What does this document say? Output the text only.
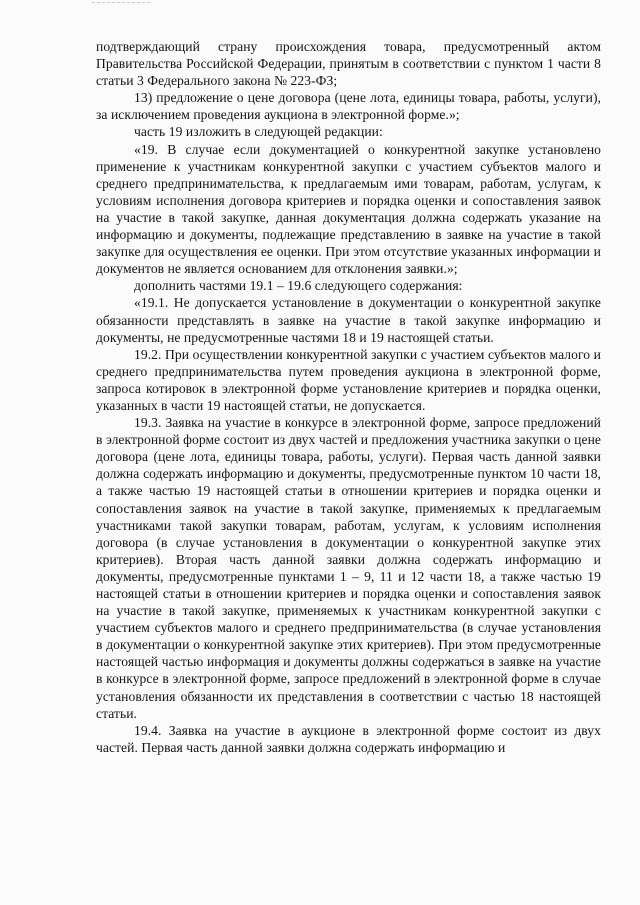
подтверждающий страну происхождения товара, предусмотренный актом Правительства Российской Федерации, принятым в соответствии с пунктом 1 части 8 статьи 3 Федерального закона № 223-ФЗ;

13) предложение о цене договора (цене лота, единицы товара, работы, услуги), за исключением проведения аукциона в электронной форме.»;

часть 19 изложить в следующей редакции:

«19. В случае если документацией о конкурентной закупке установлено применение к участникам конкурентной закупки с участием субъектов малого и среднего предпринимательства, к предлагаемым ими товарам, работам, услугам, к условиям исполнения договора критериев и порядка оценки и сопоставления заявок на участие в такой закупке, данная документация должна содержать указание на информацию и документы, подлежащие представлению в заявке на участие в такой закупке для осуществления ее оценки. При этом отсутствие указанных информации и документов не является основанием для отклонения заявки.»;

дополнить частями 19.1 – 19.6 следующего содержания:

«19.1. Не допускается установление в документации о конкурентной закупке обязанности представлять в заявке на участие в такой закупке информацию и документы, не предусмотренные частями 18 и 19 настоящей статьи.

19.2. При осуществлении конкурентной закупки с участием субъектов малого и среднего предпринимательства путем проведения аукциона в электронной форме, запроса котировок в электронной форме установление критериев и порядка оценки, указанных в части 19 настоящей статьи, не допускается.

19.3. Заявка на участие в конкурсе в электронной форме, запросе предложений в электронной форме состоит из двух частей и предложения участника закупки о цене договора (цене лота, единицы товара, работы, услуги). Первая часть данной заявки должна содержать информацию и документы, предусмотренные пунктом 10 части 18, а также частью 19 настоящей статьи в отношении критериев и порядка оценки и сопоставления заявок на участие в такой закупке, применяемых к предлагаемым участниками такой закупки товарам, работам, услугам, к условиям исполнения договора (в случае установления в документации о конкурентной закупке этих критериев). Вторая часть данной заявки должна содержать информацию и документы, предусмотренные пунктами 1 – 9, 11 и 12 части 18, а также частью 19 настоящей статьи в отношении критериев и порядка оценки и сопоставления заявок на участие в такой закупке, применяемых к участникам конкурентной закупки с участием субъектов малого и среднего предпринимательства (в случае установления в документации о конкурентной закупке этих критериев). При этом предусмотренные настоящей частью информация и документы должны содержаться в заявке на участие в конкурсе в электронной форме, запросе предложений в электронной форме в случае установления обязанности их представления в соответствии с частью 18 настоящей статьи.

19.4. Заявка на участие в аукционе в электронной форме состоит из двух частей. Первая часть данной заявки должна содержать информацию и
